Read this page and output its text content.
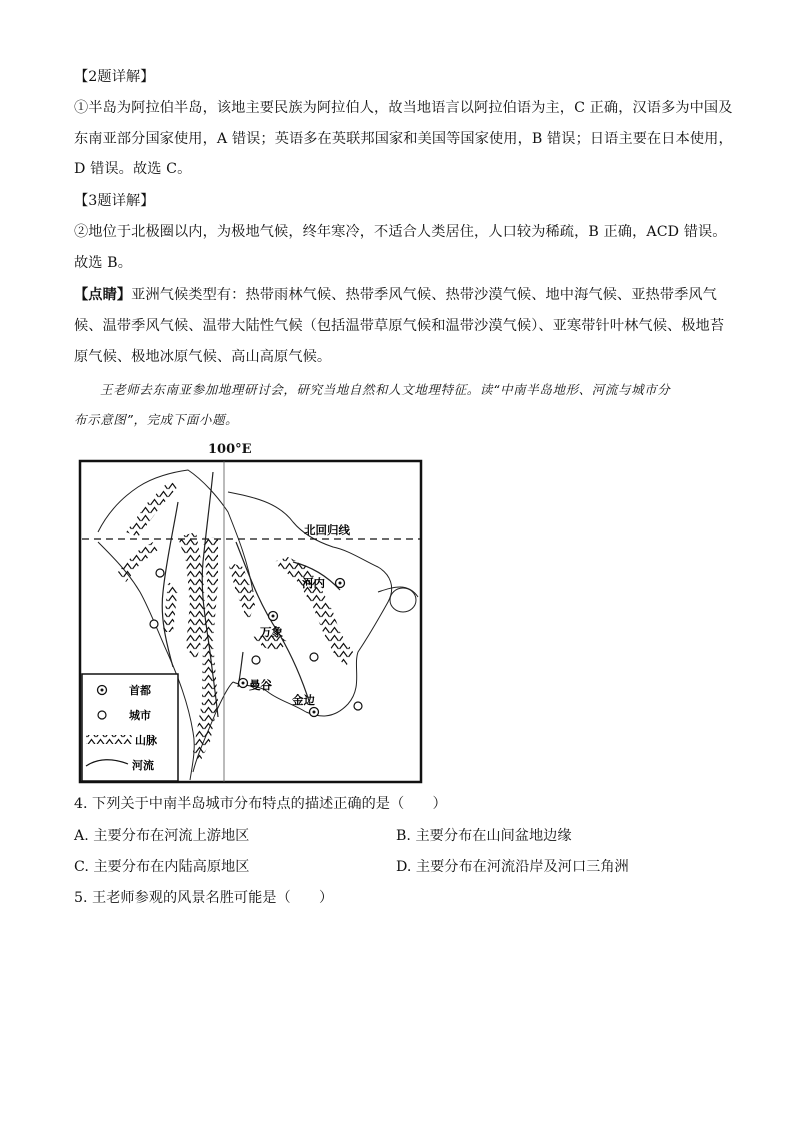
【2题详解】
①半岛为阿拉伯半岛，该地主要民族为阿拉伯人，故当地语言以阿拉伯语为主，C 正确，汉语多为中国及
东南亚部分国家使用，A 错误；英语多在英联邦国家和美国等国家使用，B 错误；日语主要在日本使用，
D 错误。故选 C。
【3题详解】
②地位于北极圈以内，为极地气候，终年寒冷，不适合人类居住，人口较为稀疏，B 正确，ACD 错误。
故选 B。
【点睛】亚洲气候类型有：热带雨林气候、热带季风气候、热带沙漠气候、地中海气候、亚热带季风气
候、温带季风气候、温带大陆性气候（包括温带草原气候和温带沙漠气候）、亚寒带针叶林气候、极地苔
原气候、极地冰原气候、高山高原气候。
王老师去东南亚参加地理研讨会，研究当地自然和人文地理特征。读“中南半岛地形、河流与城市分
布示意图”，完成下面小题。
100°E
河内
万象
曼谷
金边
北回归线
首都
城市
山脉
河流
4. 下列关于中南半岛城市分布特点的描述正确的是（　　）
A. 主要分布在河流上游地区	B. 主要分布在山间盆地边缘
C. 主要分布在内陆高原地区	D. 主要分布在河流沿岸及河口三角洲
5. 王老师参观的风景名胜可能是（　　）
